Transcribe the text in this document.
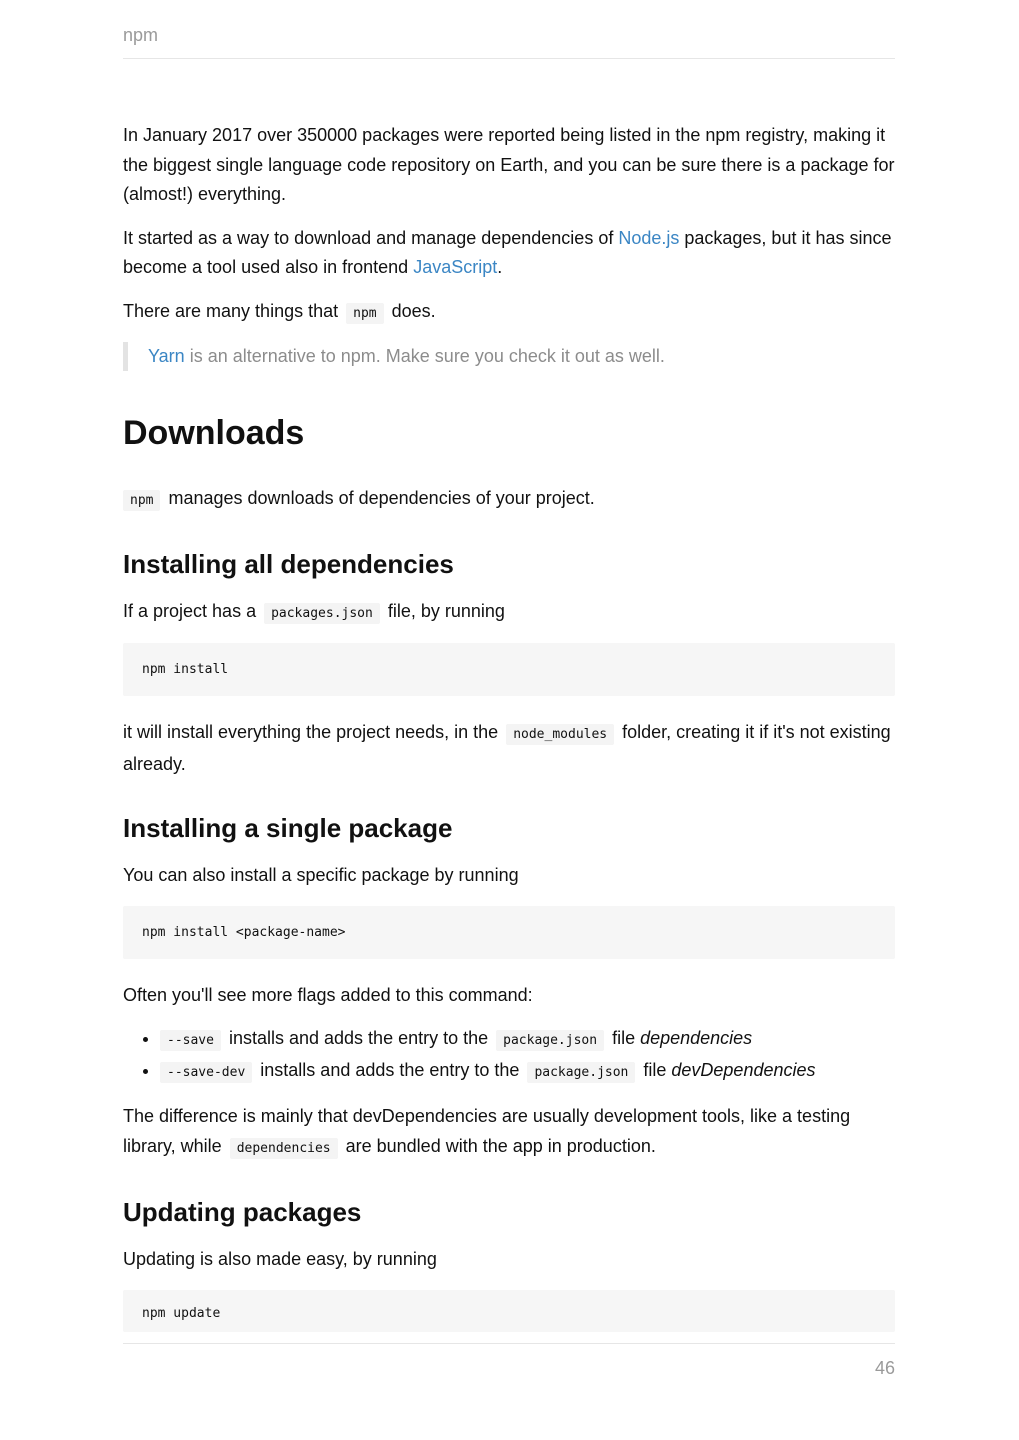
npm

In January 2017 over 350000 packages were reported being listed in the npm registry, making it the biggest single language code repository on Earth, and you can be sure there is a package for (almost!) everything.

It started as a way to download and manage dependencies of Node.js packages, but it has since become a tool used also in frontend JavaScript.

There are many things that npm does.

Yarn is an alternative to npm. Make sure you check it out as well.
Downloads

npm manages downloads of dependencies of your project.

Installing all dependencies

If a project has a packages.json file, by running

npm install

it will install everything the project needs, in the node_modules folder, creating it if it's not existing already.

Installing a single package

You can also install a specific package by running

npm install <package-name>

Often you'll see more flags added to this command:

• --save installs and adds the entry to the package.json file dependencies
• --save-dev installs and adds the entry to the package.json file devDependencies

The difference is mainly that devDependencies are usually development tools, like a testing library, while dependencies are bundled with the app in production.

Updating packages

Updating is also made easy, by running

npm update
46
